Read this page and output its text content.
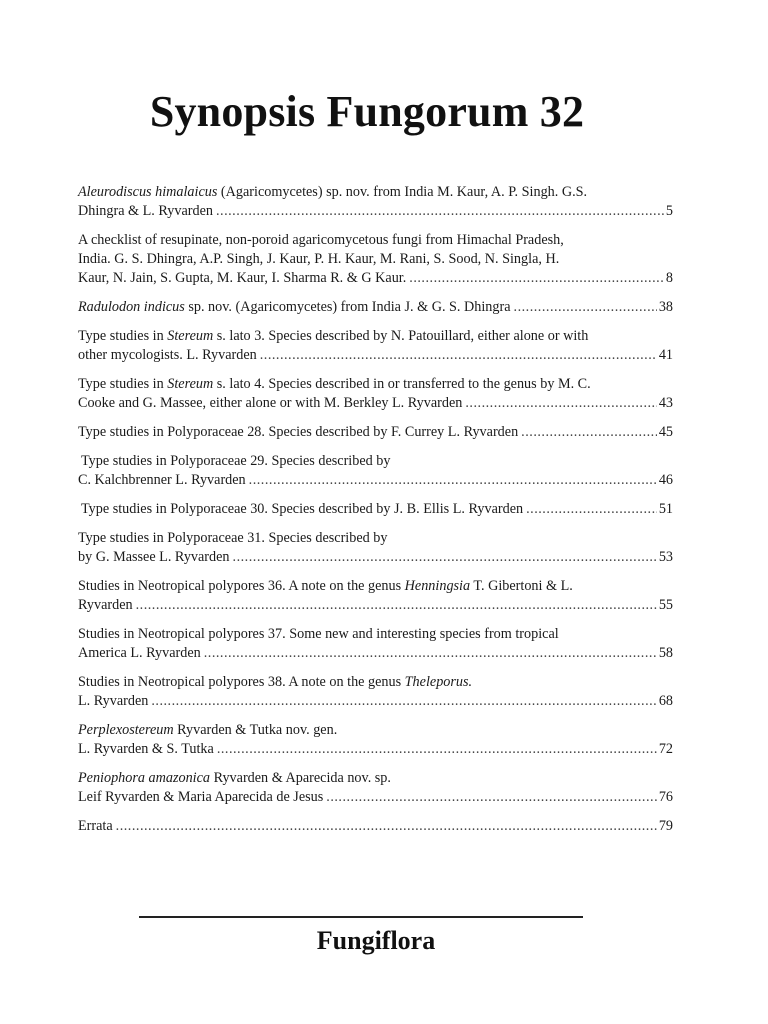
Synopsis Fungorum 32
Aleurodiscus himalaicus (Agaricomycetes) sp. nov. from India M. Kaur, A. P. Singh. G.S.
Dhingra & L. Ryvarden .....	5
A checklist of resupinate, non-poroid agaricomycetous fungi from Himachal Pradesh,
India. G. S. Dhingra, A.P. Singh, J. Kaur, P. H. Kaur, M. Rani, S. Sood, N. Singla, H.
Kaur, N. Jain, S. Gupta, M. Kaur, I. Sharma R. & G Kaur. .....	8
Radulodon indicus sp. nov. (Agaricomycetes) from India J. & G. S. Dhingra .....	38
Type studies in Stereum s. lato 3. Species described by N. Patouillard, either alone or with
other mycologists. L. Ryvarden .....	41
Type studies in Stereum s. lato 4. Species described in or transferred to the genus by M. C.
Cooke and G. Massee, either alone or with M. Berkley L. Ryvarden .....	43
Type studies in Polyporaceae 28. Species described by F. Currey L. Ryvarden .....	45
Type studies in Polyporaceae 29. Species described by
C. Kalchbrenner L. Ryvarden .....	46
Type studies in Polyporaceae 30. Species described by J. B. Ellis L. Ryvarden .....	51
Type studies in Polyporaceae 31. Species described by
by G. Massee L. Ryvarden .....	53
Studies in Neotropical polypores 36. A note on the genus Henningsia T. Gibertoni & L.
Ryvarden .....	55
Studies in Neotropical polypores 37. Some new and interesting species from tropical
America L. Ryvarden .....	58
Studies in Neotropical polypores 38. A note on the genus Theleporus.
L. Ryvarden .....	68
Perplexostereum Ryvarden & Tutka nov. gen.
L. Ryvarden & S. Tutka .....	72
Peniophora amazonica Ryvarden & Aparecida nov. sp.
Leif Ryvarden & Maria Aparecida de Jesus .....	76
Errata .....	79
Fungiflora
